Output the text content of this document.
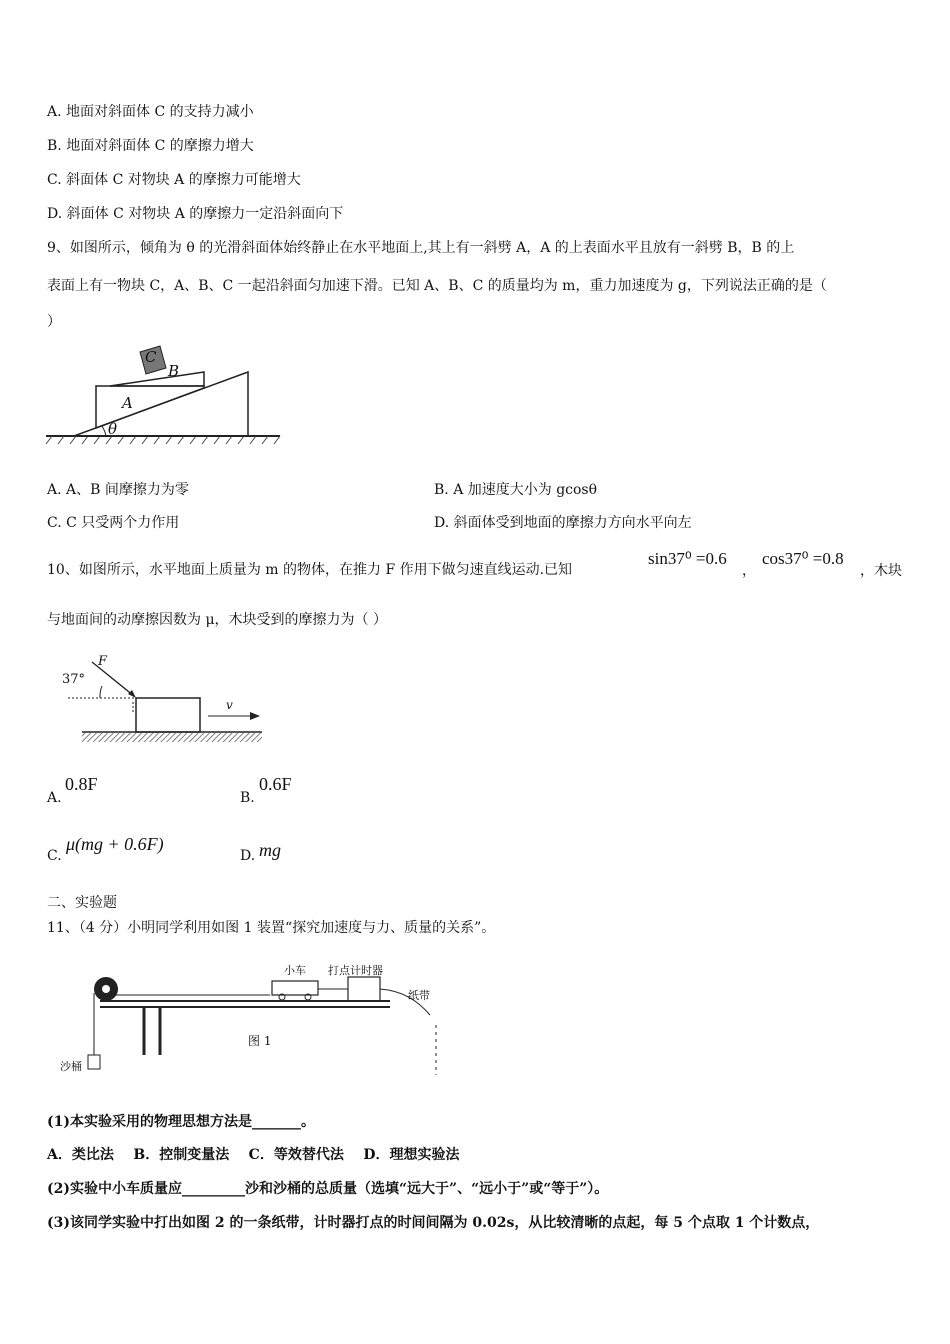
A. 地面对斜面体 C 的支持力减小
B. 地面对斜面体 C 的摩擦力增大
C. 斜面体 C 对物块 A 的摩擦力可能增大
D. 斜面体 C 对物块 A 的摩擦力一定沿斜面向下
9、如图所示，倾角为 θ 的光滑斜面体始终静止在水平地面上,其上有一斜劈 A，A 的上表面水平且放有一斜劈 B，B 的上
表面上有一物块 C，A、B、C 一起沿斜面匀加速下滑。已知 A、B、C 的质量均为 m，重力加速度为 g，下列说法正确的是（
）
C
B
A
θ
A. A、B 间摩擦力为零	B. A 加速度大小为 gcosθ
C. C 只受两个力作用	D. 斜面体受到地面的摩擦力方向水平向左
10、如图所示，水平地面上质量为 m 的物体，在推力 F 作用下做匀速直线运动.已知
sin37⁰ =0.6
，
cos37⁰ =0.8
，木块
与地面间的动摩擦因数为 μ，木块受到的摩擦力为（ ）
37°
F
v
A.
0.8F
B.
0.6F
C.
μ(mg + 0.6F)
D. mg
二、实验题
11、（4 分）小明同学利用如图 1 装置“探究加速度与力、质量的关系”。
小车 打点计时器
纸带
沙桶
图 1
(1)本实验采用的物理思想方法是_______。
A．类比法    B．控制变量法    C．等效替代法    D．理想实验法
(2)实验中小车质量应_________沙和沙桶的总质量（选填“远大于”、“远小于”或“等于”）。
(3)该同学实验中打出如图 2 的一条纸带，计时器打点的时间间隔为 0.02s，从比较清晰的点起，每 5 个点取 1 个计数点，
